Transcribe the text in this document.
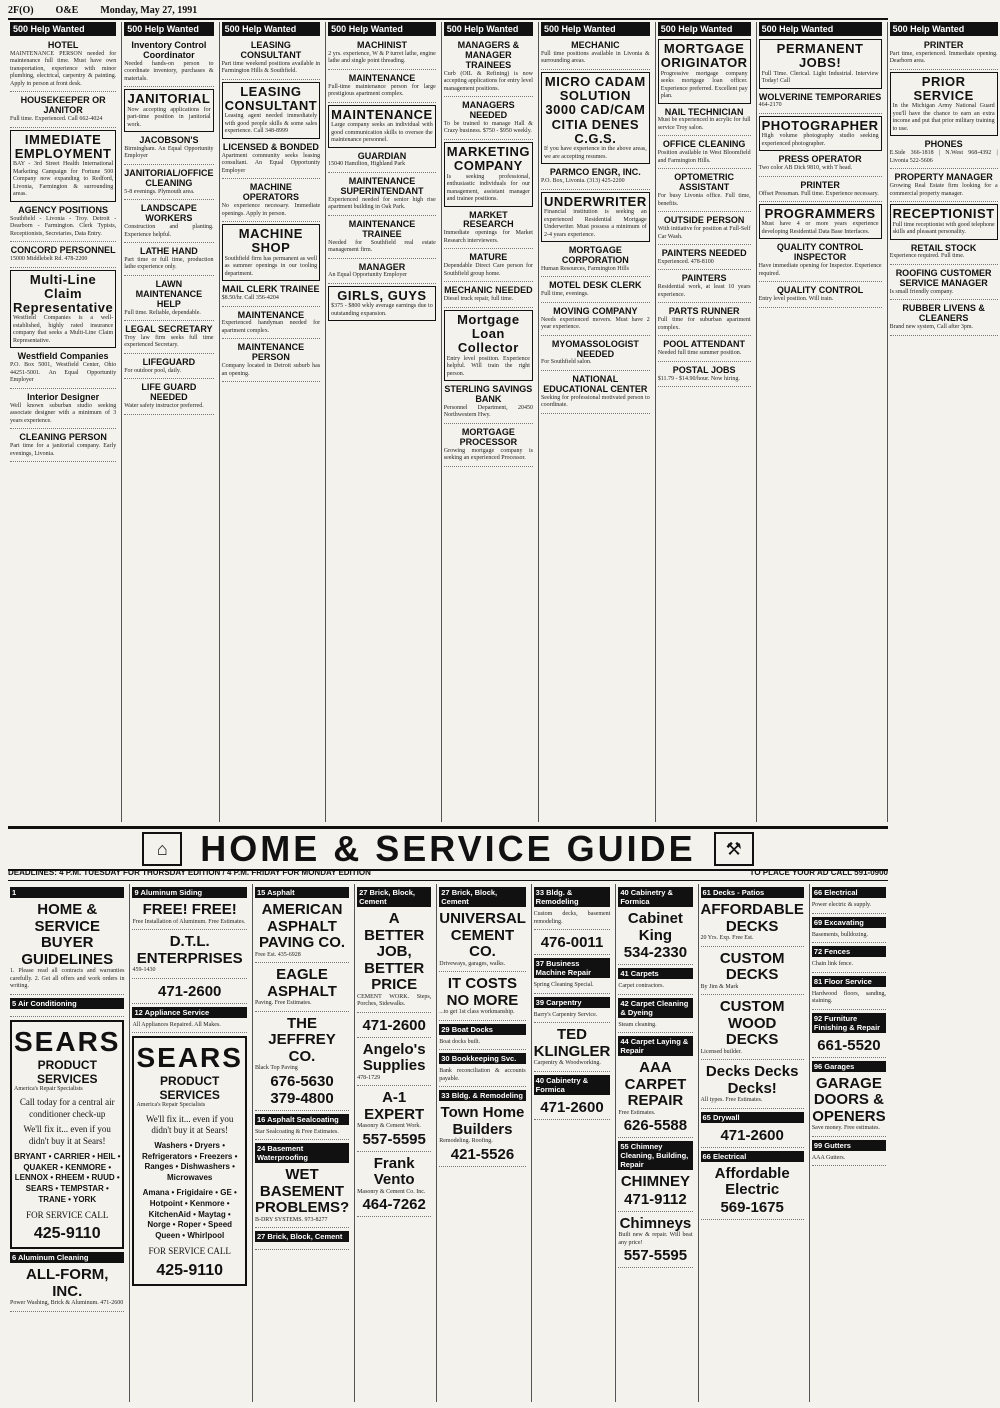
2F(O) O&E Monday, May 27, 1991
500 Help Wanted
HOTEL
MAINTENANCE PERSON needed for maintenance full time. Must have own transportation, experience with minor plumbing, electrical, carpentry & painting. Apply in person at front desk.
HOUSEKEEPER OR JANITOR
Full time. Experienced. Call 662-4024
IMMEDIATE EMPLOYMENT
BAY - 3rd Street Health International Marketing Campaign for Fortune 500 Company now expanding to Redford, Livonia, Farmington & surrounding areas.
AGENCY POSITIONS
Southfield - Livonia - Troy. Detroit - Dearborn - Farmington. Clerk Typists, Receptionists, Secretaries, Data Entry.
CONCORD PERSONNEL
15000 Middlebelt Rd. 478-2200
Multi-Line Claim Representative
Westfield Companies is a well-established, highly rated insurance company that seeks a Multi-Line Claim Representative.
Westfield Companies
P.O. Box 5001, Westfield Center, Ohio 44251-5001. An Equal Opportunity Employer
Interior Designer
Well known suburban studio seeking associate designer with a minimum of 3 years experience.
CLEANING PERSON
Part time for a janitorial company. Early evenings, Livonia.
500 Help Wanted
Inventory Control Coordinator
Needed hands-on person to coordinate inventory, purchases & materials.
JANITORIAL
Now accepting applications for part-time position in janitorial work.
JACOBSON'S
Birmingham. An Equal Opportunity Employer
JANITORIAL/OFFICE CLEANING
5-8 evenings. Plymouth area.
LANDSCAPE WORKERS
Construction and planting. Experience helpful.
LATHE HAND
Part time or full time, production lathe experience only.
LAWN MAINTENANCE HELP
Full time. Reliable, dependable.
LEGAL SECRETARY
Troy law firm seeks full time experienced Secretary.
LIFEGUARD
For outdoor pool, daily.
LIFE GUARD NEEDED
Water safety instructor preferred.
500 Help Wanted
LEASING CONSULTANT
Part time weekend positions available in Farmington Hills & Southfield.
LEASING CONSULTANT
Leasing agent needed immediately with good people skills & some sales experience. Call 348-8999
LICENSED & BONDED
Apartment community seeks leasing consultant. An Equal Opportunity Employer
MACHINE OPERATORS
No experience necessary. Immediate openings. Apply in person.
MACHINE SHOP
Southfield firm has permanent as well as summer openings in our tooling department.
MAIL CLERK TRAINEE
$8.50/hr. Call 356-4204
MAINTENANCE
Experienced handyman needed for apartment complex.
MAINTENANCE PERSON
Company located in Detroit suburb has an opening.
500 Help Wanted
MACHINIST
2 yrs. experience, W & P turret lathe, engine lathe and single point threading.
MAINTENANCE
Full-time maintenance person for large prestigious apartment complex.
MAINTENANCE
Large company seeks an individual with good communication skills to oversee the maintenance personnel.
GUARDIAN
15040 Hamilton, Highland Park
MAINTENANCE SUPERINTENDANT
Experienced needed for senior high rise apartment building in Oak Park.
MAINTENANCE TRAINEE
Needed for Southfield real estate management firm.
MANAGER
An Equal Opportunity Employer
GIRLS, GUYS
$375 - $800 wkly average earnings due to outstanding expansion.
500 Help Wanted
MANAGERS & MANAGER TRAINEES
Curb (OIL & Refining) is now accepting applications for entry level management positions.
MANAGERS NEEDED
To be trained to manage Hall & Crazy business. $750 - $950 weekly.
MARKETING COMPANY
Is seeking professional, enthusiastic individuals for our management, assistant manager and trainee positions.
MARKET RESEARCH
Immediate openings for Market Research interviewers.
MATURE
Dependable Direct Care person for Southfield group home.
MECHANIC NEEDED
Diesel truck repair, full time.
Mortgage Loan Collector
Entry level position. Experience helpful. Will train the right person.
STERLING SAVINGS BANK
Personnel Department, 20450 Northwestern Hwy.
MORTGAGE PROCESSOR
Growing mortgage company is seeking an experienced Processor.
500 Help Wanted
MECHANIC
Full time positions available in Livonia & surrounding areas.
MICRO CADAM SOLUTION 3000 CAD/CAM CITIA DENES C.G.S.
If you have experience in the above areas, we are accepting resumes.
PARMCO ENGR, INC.
P.O. Box, Livonia. (313) 425-2200
UNDERWRITER
Financial institution is seeking an experienced Residential Mortgage Underwriter. Must possess a minimum of 2-4 years experience.
MORTGAGE CORPORATION
Human Resources, Farmington Hills
MOTEL DESK CLERK
Full time, evenings.
MOVING COMPANY
Needs experienced movers. Must have 2 year experience.
MYOMASSOLOGIST NEEDED
For Southfield salon.
NATIONAL EDUCATIONAL CENTER
Seeking for professional motivated person to coordinate.
500 Help Wanted
MORTGAGE ORIGINATOR
Progressive mortgage company seeks mortgage loan officer. Experience preferred. Excellent pay plan.
NAIL TECHNICIAN
Must be experienced in acrylic for full service Troy salon.
OFFICE CLEANING
Position available in West Bloomfield and Farmington Hills.
OPTOMETRIC ASSISTANT
For busy Livonia office. Full time, benefits.
OUTSIDE PERSON
With initiative for position at Full-Self Car Wash.
PAINTERS NEEDED
Experienced. 478-8100
PAINTERS
Residential work, at least 10 years experience.
PARTS RUNNER
Full time for suburban apartment complex.
POOL ATTENDANT
Needed full time summer position.
POSTAL JOBS
$11.79 - $14.90/hour. Now hiring.
500 Help Wanted
PERMANENT JOBS!
Full Time. Clerical. Light Industrial. Interview Today! Call
WOLVERINE TEMPORARIES
464-2170
PHOTOGRAPHER
High volume photography studio seeking experienced photographer.
PRESS OPERATOR
Two color AB Dick 9810, with T head.
PRINTER
Offset Pressman. Full time. Experience necessary.
PROGRAMMERS
Must have 4 or more years experience developing Residential Data Base Interfaces.
QUALITY CONTROL INSPECTOR
Have immediate opening for Inspector. Experience required.
QUALITY CONTROL
Entry level position. Will train.
500 Help Wanted
PRINTER
Part time, experienced. Immediate opening. Dearborn area.
PRIOR SERVICE
In the Michigan Army National Guard you'll have the chance to earn an extra income and put that prior military training to use.
PHONES
E.Side 366-1818 | N.West 968-4392 | Livonia 522-5606
PROPERTY MANAGER
Growing Real Estate firm looking for a commercial property manager.
RECEPTIONIST
Full time receptionist with good telephone skills and pleasant personality.
RETAIL STOCK
Experience required. Full time.
ROOFING CUSTOMER SERVICE MANAGER
Is small friendly company.
RUBBER LIVENS & CLEANERS
Brand new system, Call after 3pm.
⌂ HOME & SERVICE GUIDE	⚒
DEADLINES: 4 P.M. TUESDAY FOR THURSDAY EDITION / 4 P.M. FRIDAY FOR MONDAY EDITION	TO PLACE YOUR AD CALL 591-0900
1
HOME & SERVICE BUYER GUIDELINES
1. Please read all contracts and warranties carefully. 2. Get all offers and work orders in writing.
5 Air Conditioning
SEARS
PRODUCT SERVICES
America's Repair Specialists
Call today for a central air conditioner check-up
We'll fix it... even if you didn't buy it at Sears!
BRYANT • CARRIER • HEIL • QUAKER • KENMORE • LENNOX • RHEEM • RUUD • SEARS • TEMPSTAR • TRANE • YORK
FOR SERVICE CALL
425-9110
6 Aluminum Cleaning
ALL-FORM, INC.
Power Washing, Brick & Aluminum. 471-2600
9 Aluminum Siding
FREE! FREE!
Free Installation of Aluminum. Free Estimates.
D.T.L. ENTERPRISES
459-1430
471-2600
12 Appliance Service
All Appliances Repaired. All Makes.
SEARS
PRODUCT SERVICES
America's Repair Specialists
We'll fix it... even if you didn't buy it at Sears!
Washers • Dryers • Refrigerators • Freezers • Ranges • Dishwashers • Microwaves
Amana • Frigidaire • GE • Hotpoint • Kenmore • KitchenAid • Maytag • Norge • Roper • Speed Queen • Whirlpool
FOR SERVICE CALL
425-9110
15 Asphalt
AMERICAN ASPHALT PAVING CO.
Free Est. 435-6928
EAGLE ASPHALT
Paving. Free Estimates.
THE JEFFREY CO.
Black Top Paving
676-5630
379-4800
16 Asphalt Sealcoating
Star Sealcoating & Free Estimates.
24 Basement Waterproofing
WET BASEMENT PROBLEMS?
B-DRY SYSTEMS. 973-8277
27 Brick, Block, Cement
27 Brick, Block, Cement
A BETTER JOB, BETTER PRICE
CEMENT WORK. Steps, Porches, Sidewalks.
471-2600
Angelo's Supplies
478-1729
A-1 EXPERT
Masonry & Cement Work.
557-5595
Frank Vento
Masonry & Cement Co. Inc.
464-7262
27 Brick, Block, Cement
UNIVERSAL CEMENT CO.
Driveways, garages, walks.
IT COSTS NO MORE
...to get 1st class workmanship.
29 Boat Docks
Boat docks built.
30 Bookkeeping Svc.
Bank reconciliation & accounts payable.
33 Bldg. & Remodeling
Town Home Builders
Remodeling. Roofing.
421-5526
33 Bldg. & Remodeling
Custom decks, basement remodeling.
476-0011
37 Business Machine Repair
Spring Cleaning Special.
39 Carpentry
Barry's Carpentry Service.
TED KLINGLER
Carpentry & Woodworking.
40 Cabinetry & Formica
471-2600
40 Cabinetry & Formica
Cabinet King
534-2330
41 Carpets
Carpet contractors.
42 Carpet Cleaning & Dyeing
Steam cleaning.
44 Carpet Laying & Repair
AAA CARPET REPAIR
Free Estimates.
626-5588
55 Chimney Cleaning, Building, Repair
CHIMNEY
471-9112
Chimneys
Built new & repair. Will beat any price!
557-5595
61 Decks - Patios
AFFORDABLE DECKS
20 Yrs. Exp. Free Est.
CUSTOM DECKS
By Jim & Mark
CUSTOM WOOD DECKS
Licensed builder.
Decks Decks Decks!
All types. Free Estimates.
65 Drywall
471-2600
66 Electrical
Affordable Electric
569-1675
66 Electrical
Power electric & supply.
69 Excavating
Basements, bulldozing.
72 Fences
Chain link fence.
81 Floor Service
Hardwood floors, sanding, staining.
92 Furniture Finishing & Repair
661-5520
96 Garages
GARAGE DOORS & OPENERS
Save money. Free estimates.
99 Gutters
AAA Gutters.
